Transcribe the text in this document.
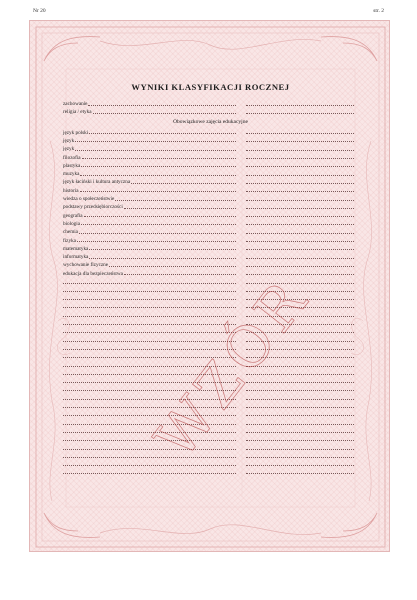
Nr 20	str. 2
WYNIKI KLASYFIKACJI ROCZNEJ
zachowanie
religia / etyka
Obowiązkowe zajęcia edukacyjne
język polski
język
język
filozofia
plastyka
muzyka
język łaciński i kultura antyczna
historia
wiedza o społeczeństwie
podstawy przedsiębiorczości
geografia
biologia
chemia
fizyka
matematyka
informatyka
wychowanie fizyczne
edukacja dla bezpieczeństwa WZÓR
